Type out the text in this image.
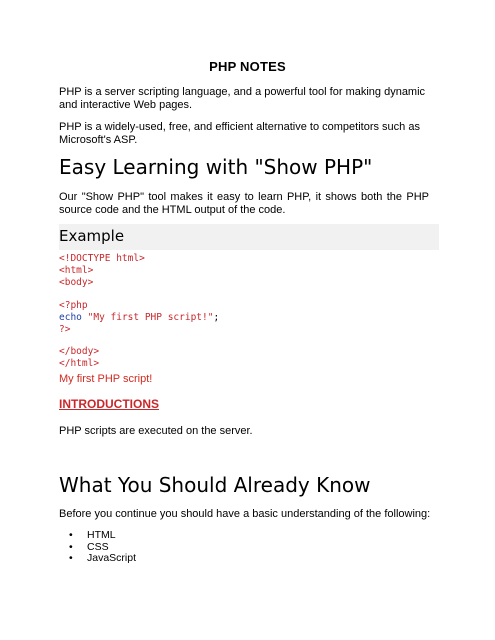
PHP NOTES

PHP is a server scripting language, and a powerful tool for making dynamic and interactive Web pages.

PHP is a widely-used, free, and efficient alternative to competitors such as Microsoft's ASP.

Easy Learning with "Show PHP"

Our "Show PHP" tool makes it easy to learn PHP, it shows both the PHP source code and the HTML output of the code.

Example
<!DOCTYPE html>
<html>
<body>
<?php
echo "My first PHP script!";
?>
</body>
</html>
My first PHP script!
INTRODUCTIONS

PHP scripts are executed on the server.

What You Should Already Know

Before you continue you should have a basic understanding of the following:

• HTML
• CSS
• JavaScript
